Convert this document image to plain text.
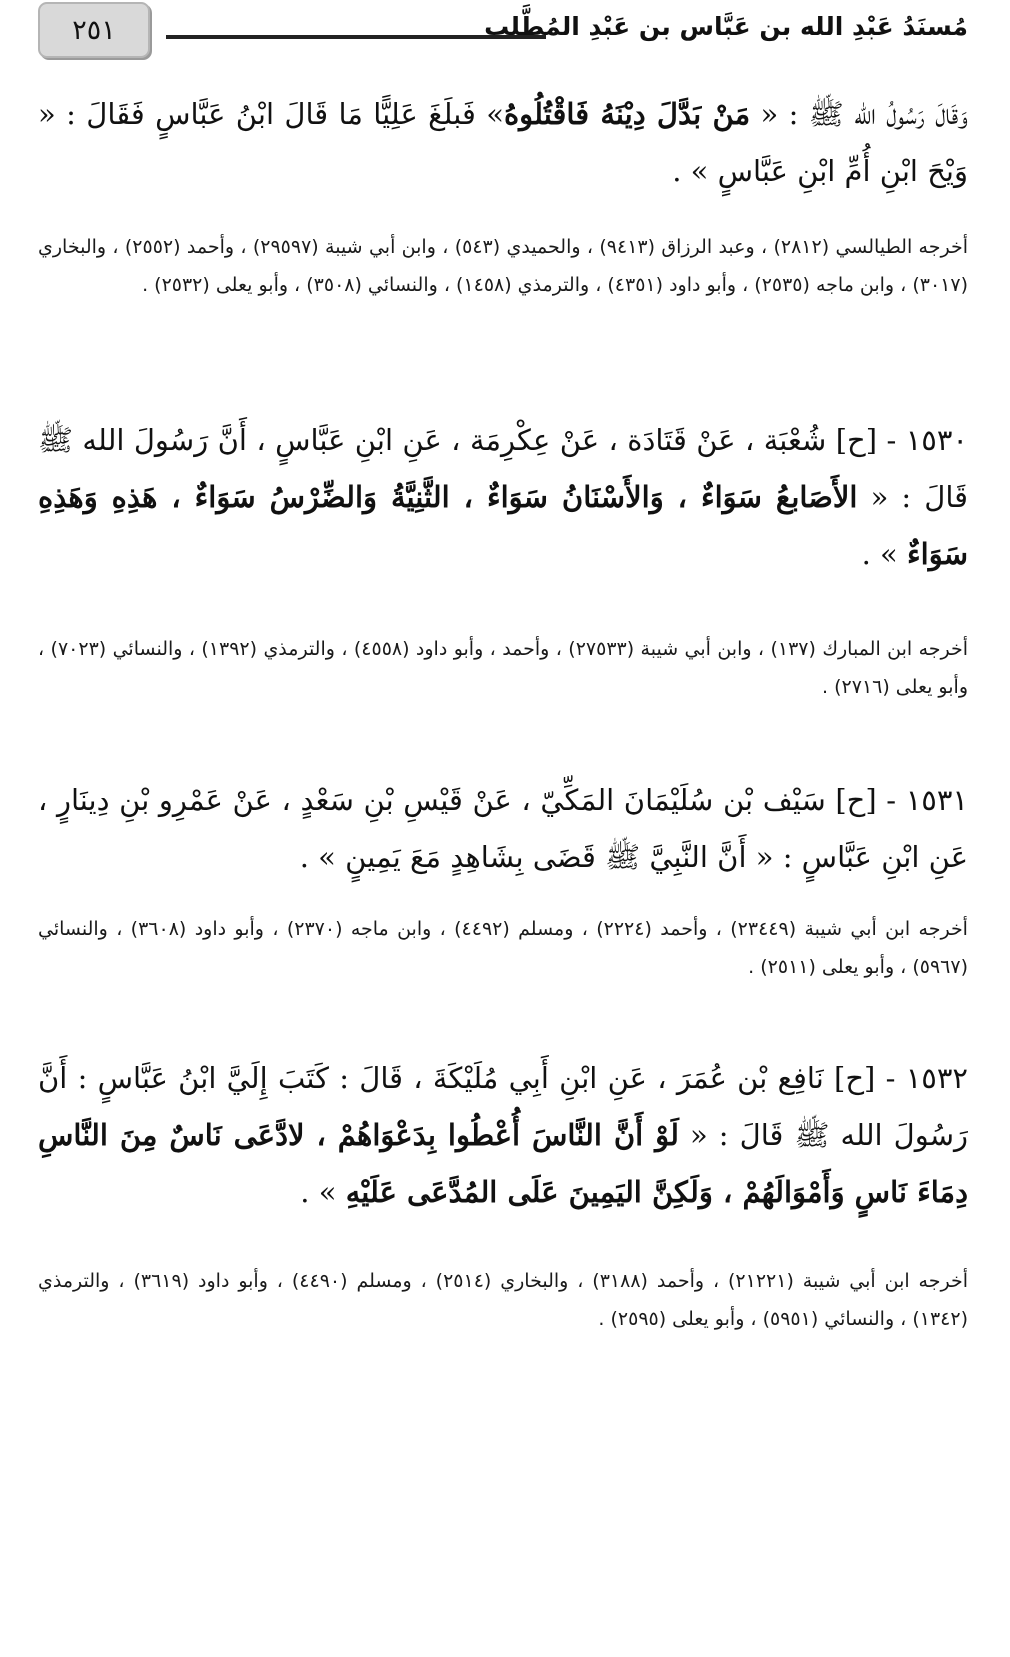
مُسنَدُ عَبْدِ الله بن عَبَّاس بن عَبْدِ المُطَّلب
٢٥١
وَقَالَ رَسُولُ الله ﷺ : « مَنْ بَدَّلَ دِيْنَهُ فَاقْتُلُوهُ» فَبلَغَ عَلِيًّا مَا قَالَ ابْنُ عَبَّاسٍ فَقَالَ : « وَيْحَ ابْنِ أُمِّ ابْنِ عَبَّاسٍ » .
أخرجه الطيالسي (٢٨١٢) ، وعبد الرزاق (٩٤١٣) ، والحميدي (٥٤٣) ، وابن أبي شيبة (٢٩٥٩٧) ، وأحمد (٢٥٥٢) ، والبخاري (٣٠١٧) ، وابن ماجه (٢٥٣٥) ، وأبو داود (٤٣٥١) ، والترمذي (١٤٥٨) ، والنسائي (٣٥٠٨) ، وأبو يعلى (٢٥٣٢) .
١٥٣٠ - [ح] شُعْبَة ، عَنْ قَتَادَة ، عَنْ عِكْرِمَة ، عَنِ ابْنِ عَبَّاسٍ ، أَنَّ رَسُولَ الله ﷺ قَالَ : « الأَصَابعُ سَوَاءٌ ، وَالأَسْنَانُ سَوَاءٌ ، الثَّنِيَّةُ وَالضِّرْسُ سَوَاءٌ ، هَذِهِ وَهَذِهِ سَوَاءٌ » .
أخرجه ابن المبارك (١٣٧) ، وابن أبي شيبة (٢٧٥٣٣) ، وأحمد ، وأبو داود (٤٥٥٨) ، والترمذي (١٣٩٢) ، والنسائي (٧٠٢٣) ، وأبو يعلى (٢٧١٦) .
١٥٣١ - [ح] سَيْف بْن سُلَيْمَانَ المَكِّيّ ، عَنْ قَيْسِ بْنِ سَعْدٍ ، عَنْ عَمْرِو بْنِ دِينَارٍ ، عَنِ ابْنِ عَبَّاسٍ : « أَنَّ النَّبِيَّ ﷺ قَضَى بِشَاهِدٍ مَعَ يَمِينٍ » .
أخرجه ابن أبي شيبة (٢٣٤٤٩) ، وأحمد (٢٢٢٤) ، ومسلم (٤٤٩٢) ، وابن ماجه (٢٣٧٠) ، وأبو داود (٣٦٠٨) ، والنسائي (٥٩٦٧) ، وأبو يعلى (٢٥١١) .
١٥٣٢ - [ح] نَافِع بْن عُمَرَ ، عَنِ ابْنِ أَبِي مُلَيْكَةَ ، قَالَ : كَتَبَ إِلَيَّ ابْنُ عَبَّاسٍ : أَنَّ رَسُولَ الله ﷺ قَالَ : « لَوْ أَنَّ النَّاسَ أُعْطُوا بِدَعْوَاهُمْ ، لادَّعَى نَاسٌ مِنَ النَّاسِ دِمَاءَ نَاسٍ وَأَمْوَالَهُمْ ، وَلَكِنَّ اليَمِينَ عَلَى المُدَّعَى عَلَيْهِ » .
أخرجه ابن أبي شيبة (٢١٢٢١) ، وأحمد (٣١٨٨) ، والبخاري (٢٥١٤) ، ومسلم (٤٤٩٠) ، وأبو داود (٣٦١٩) ، والترمذي (١٣٤٢) ، والنسائي (٥٩٥١) ، وأبو يعلى (٢٥٩٥) .
